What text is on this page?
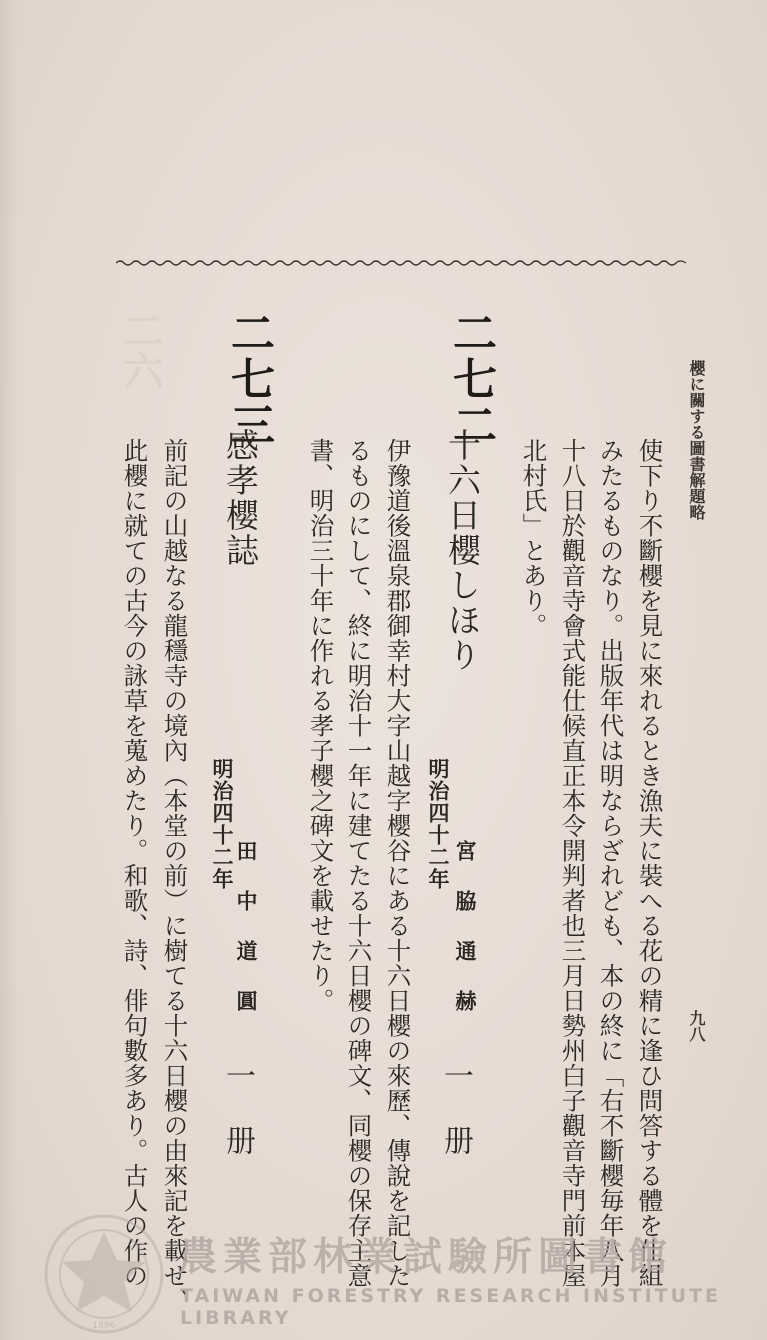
二六
櫻に關する圖書解題略
九八
使下り不斷櫻を見に來れるとき漁夫に裝へる花の精に逢ひ問答する體を仕組
みたるものなり。出版年代は明ならざれども、本の終に「右不斷櫻毎年八月
十八日於觀音寺會式能仕候直正本令開判者也三月日勢州白子觀音寺門前本屋
北村氏」とあり。
二七二
十六日櫻しほり
宮 脇 通 赫
明治四十二年
一 册
伊豫道後溫泉郡御幸村大字山越字櫻谷にある十六日櫻の來歷、傳說を記した
るものにして、終に明治十一年に建てたる十六日櫻の碑文、同櫻の保存主意
書、明治三十年に作れる孝子櫻之碑文を載せたり。
二七三
感孝櫻誌
田 中 道 圓
明治四十二年
一 册
前記の山越なる龍穩寺の境內（本堂の前）に樹てる十六日櫻の由來記を載せ、
此櫻に就ての古今の詠草を蒐めたり。和歌、詩、俳句數多あり。古人の作の
1896
農業部林業試驗所圖書館
TAIWAN FORESTRY RESEARCH INSTITUTE LIBRARY
